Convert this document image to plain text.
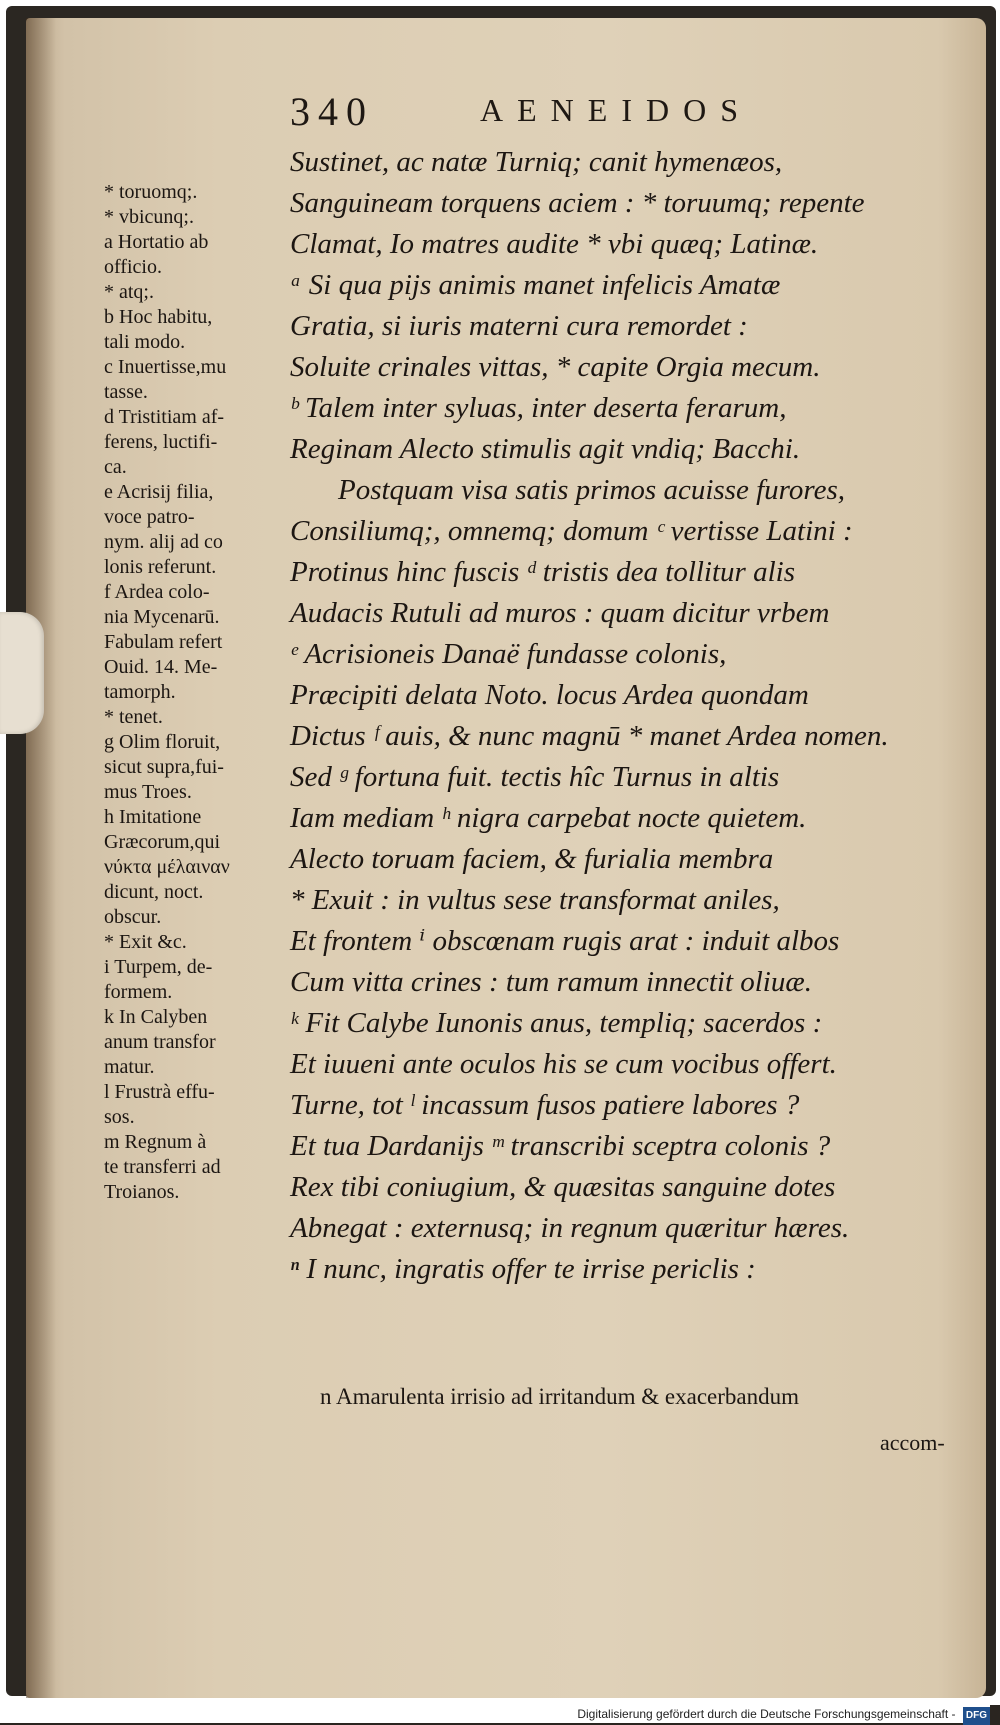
340	AENEIDOS
Sustinet, ac natæ Turniq; canit hymenæos,
Sanguineam torquens aciem : * toruumq; repente
Clamat, Io matres audite * vbi quæq; Latinæ.
ᵃ Si qua pijs animis manet infelicis Amatæ
Gratia, si iuris materni cura remordet :
Soluite crinales vittas, * capite Orgia mecum.
ᵇ Talem inter syluas, inter deserta ferarum,
Reginam Alecto stimulis agit vndiq; Bacchi.
Postquam visa satis primos acuisse furores,
Consiliumq;, omnemq; domum ᶜ vertisse Latini :
Protinus hinc fuscis ᵈ tristis dea tollitur alis
Audacis Rutuli ad muros : quam dicitur vrbem
ᵉ Acrisioneis Danaë fundasse colonis,
Præcipiti delata Noto. locus Ardea quondam
Dictus ᶠ auis, & nunc magnū * manet Ardea nomen.
Sed ᵍ fortuna fuit. tectis hîc Turnus in altis
Iam mediam ʰ nigra carpebat nocte quietem.
Alecto toruam faciem, & furialia membra
* Exuit : in vultus sese transformat aniles,
Et frontem ⁱ obscœnam rugis arat : induit albos
Cum vitta crines : tum ramum innectit oliuæ.
ᵏ Fit Calybe Iunonis anus, templiq; sacerdos :
Et iuueni ante oculos his se cum vocibus offert.
Turne, tot ˡ incassum fusos patiere labores ?
Et tua Dardanijs ᵐ transcribi sceptra colonis ?
Rex tibi coniugium, & quæsitas sanguine dotes
Abnegat : externusq; in regnum quæritur hæres.
ⁿ I nunc, ingratis offer te irrise periclis :
* toruomq;.
* vbicunq;.
a Hortatio ab
officio.
* atq;.
b Hoc habitu,
tali modo.
c Inuertisse,mu
tasse.
d Tristitiam af-
ferens, luctifi-
ca.
e Acrisij filia,
voce patro-
nym. alij ad co
lonis referunt.
f Ardea colo-
nia Mycenarū.
Fabulam refert
Ouid. 14. Me-
tamorph.
* tenet.
g Olim floruit,
sicut supra,fui-
mus Troes.
h Imitatione
Græcorum,qui
νύκτα μέλαιναν
dicunt, noct.
obscur.
* Exit &c.
i Turpem, de-
formem.
k In Calyben
anum transfor
matur.
l Frustrà effu-
sos.
m Regnum à
te transferri ad
Troianos.
n Amarulenta irrisio ad irritandum & exacerbandum
accom-
Digitalisierung gefördert durch die Deutsche Forschungsgemeinschaft - DFG
